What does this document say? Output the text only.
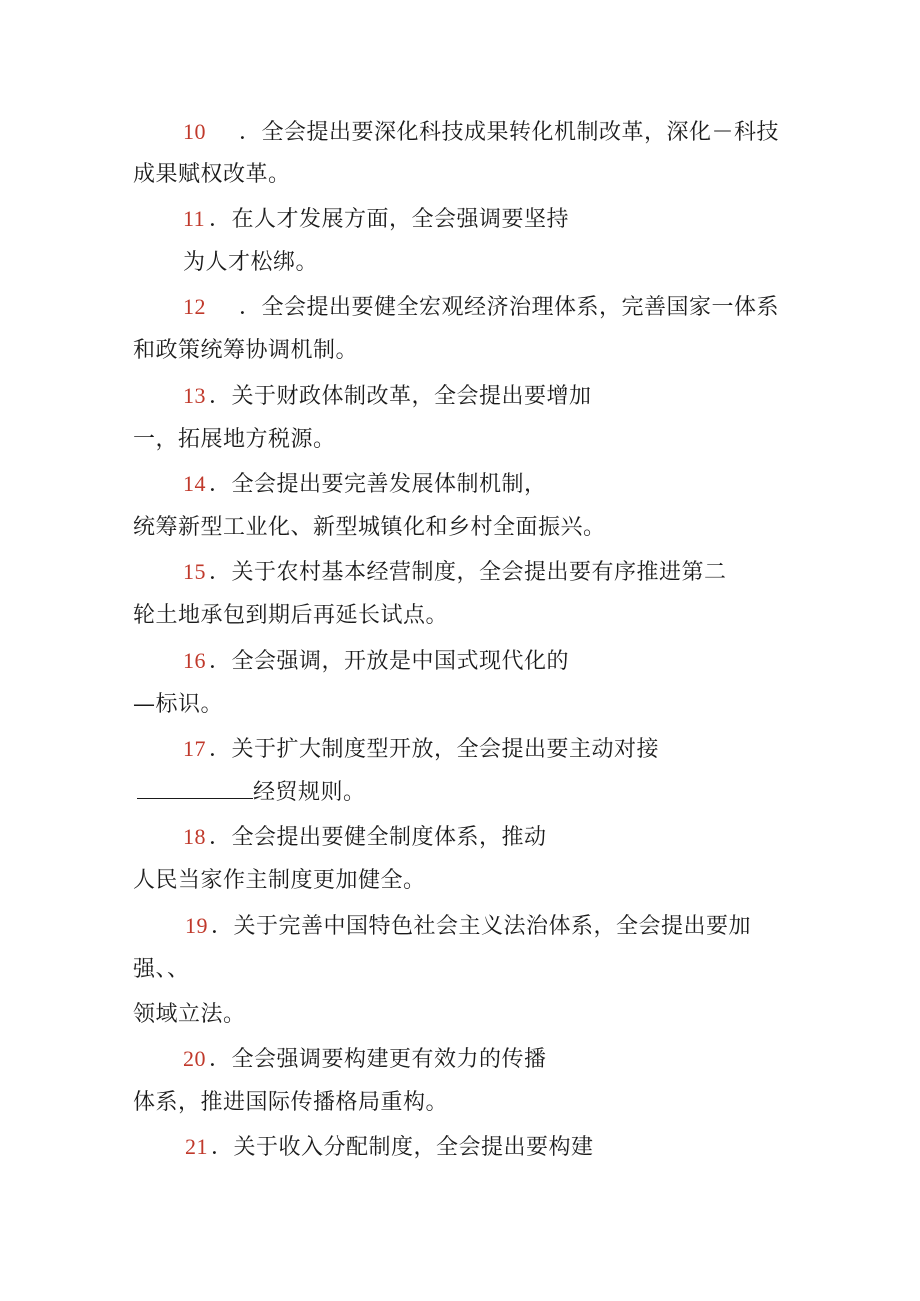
10 ．全会提出要深化科技成果转化机制改革，深化－科技
成果赋权改革。
11 ．在人才发展方面，全会强调要坚持
为人才松绑。
12 ．全会提出要健全宏观经济治理体系，完善国家一体系
和政策统筹协调机制。
13 ．关于财政体制改革，全会提出要增加
一，拓展地方税源。
14 ．全会提出要完善发展体制机制，
统筹新型工业化、新型城镇化和乡村全面振兴。
15 ．关于农村基本经营制度，全会提出要有序推进第二
轮土地承包到期后再延长试点。
16 ．全会强调，开放是中国式现代化的
—标识。
17 ．关于扩大制度型开放，全会提出要主动对接
经贸规则。
18 ．全会提出要健全制度体系，推动
人民当家作主制度更加健全。
19 ．关于完善中国特色社会主义法治体系，全会提出要加
强、、
领域立法。
20 ．全会强调要构建更有效力的传播
体系，推进国际传播格局重构。
21 ．关于收入分配制度，全会提出要构建
